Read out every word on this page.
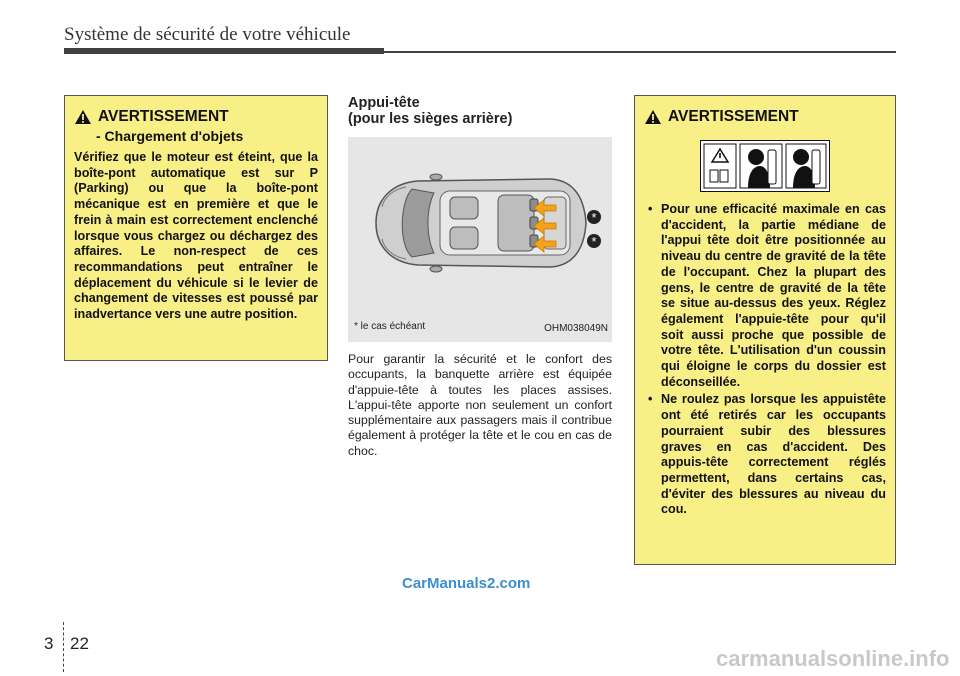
Système de sécurité de votre véhicule
AVERTISSEMENT
- Chargement d'objets

Vérifiez que le moteur est éteint, que la boîte-pont automatique est sur P (Parking) ou que la boîte-pont mécanique est en première et que le frein à main est correctement enclenché lorsque vous chargez ou déchargez des affaires. Le non-respect de ces recommandations peut entraîner le déplacement du véhicule si le levier de changement de vitesses est poussé par inadvertance vers une autre position.

Appui-tête
(pour les sièges arrière)
*
*
* le cas échéant	OHM038049N

Pour garantir la sécurité et le confort des occupants, la banquette arrière est équipée d'appuie-tête à toutes les places assises. L'appui-tête apporte non seulement un confort supplémentaire aux passagers mais il contribue également à protéger la tête et le cou en cas de choc.

AVERTISSEMENT
• Pour une efficacité maximale en cas d'accident, la partie médiane de l'appui tête doit être positionnée au niveau du centre de gravité de la tête de l'occupant. Chez la plupart des gens, le centre de gravité de la tête se situe au-dessus des yeux. Réglez également l'appuie-tête pour qu'il soit aussi proche que possible de votre tête. L'utilisation d'un coussin qui éloigne le corps du dossier est déconseillée.
• Ne roulez pas lorsque les appuistête ont été retirés car les occupants pourraient subir des blessures graves en cas d'accident. Des appuis-tête correctement réglés permettent, dans certains cas, d'éviter des blessures au niveau du cou.
CarManuals2.com
3 22
carmanualsonline.info
